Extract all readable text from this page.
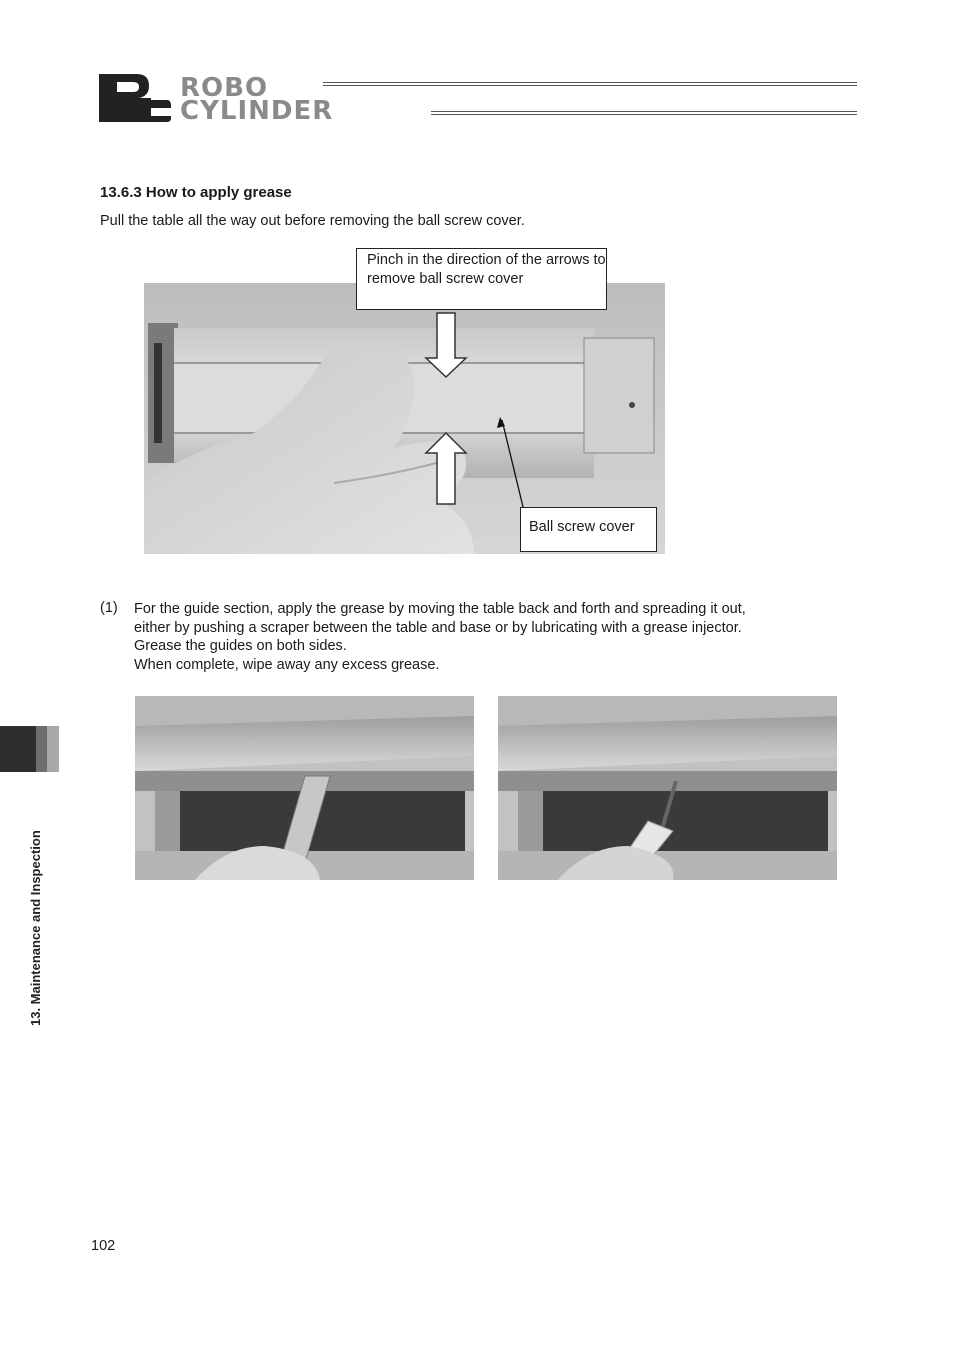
ROBO
CYLINDER
13.6.3 How to apply grease
Pull the table all the way out before removing the ball screw cover.
Pinch in the direction of the arrows to remove ball screw cover
Ball screw cover
(1) For the guide section, apply the grease by moving the table back and forth and spreading it out,

either by pushing a scraper between the table and base or by lubricating with a grease injector.

Grease the guides on both sides.

When complete, wipe away any excess grease.

13. Maintenance and Inspection
102
